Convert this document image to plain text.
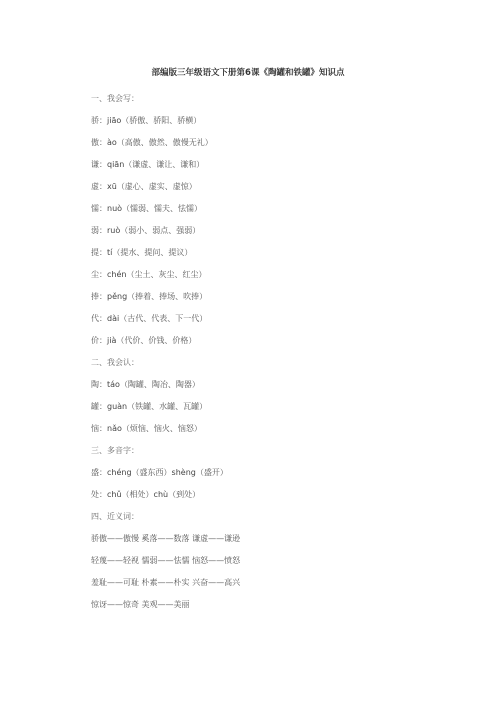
部编版三年级语文下册第6课《陶罐和铁罐》知识点
一、我会写：
骄：jiāo（骄傲、骄阳、骄横）
傲：ào（高傲、傲然、傲慢无礼）
谦：qiān（谦虚、谦让、谦和）
虚：xū（虚心、虚实、虚惊）
懦：nuò（懦弱、懦夫、怯懦）
弱：ruò（弱小、弱点、强弱）
提：tí（提水、提问、提议）
尘：chén（尘土、灰尘、红尘）
捧：pěng（捧着、捧场、吹捧）
代：dài（古代、代表、下一代）
价：jià（代价、价钱、价格）
二、我会认：
陶：táo（陶罐、陶冶、陶器）
罐：guàn（铁罐、水罐、瓦罐）
恼：nǎo（烦恼、恼火、恼怒）
三、多音字：
盛：chéng（盛东西）shèng（盛开）
处：chǔ（相处）chù（到处）
四、近义词：
骄傲——傲慢 奚落——数落 谦虚——谦逊
轻蔑——轻视 懦弱——怯懦 恼怒——愤怒
羞耻——可耻 朴素——朴实 兴奋——高兴
惊讶——惊奇 美观——美丽
